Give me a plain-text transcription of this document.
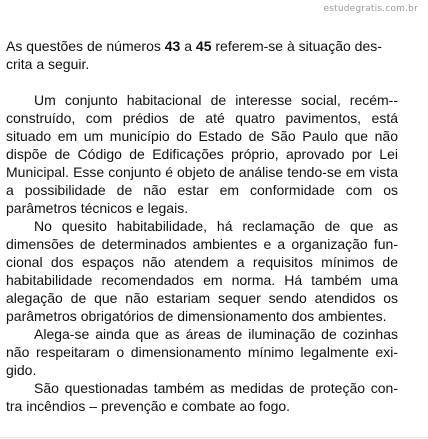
estudegratis.com.br
As questões de números 43 a 45 referem-se à situação des-crita a seguir.

Um conjunto habitacional de interesse social, recém--construído, com prédios de até quatro pavimentos, está situado em um município do Estado de São Paulo que não dispõe de Código de Edificações próprio, aprovado por Lei Municipal. Esse conjunto é objeto de análise tendo-se em vista a possibilidade de não estar em conformidade com os parâmetros técnicos e legais.

No quesito habitabilidade, há reclamação de que as dimensões de determinados ambientes e a organização fun-cional dos espaços não atendem a requisitos mínimos de habitabilidade recomendados em norma. Há também uma alegação de que não estariam sequer sendo atendidos os parâmetros obrigatórios de dimensionamento dos ambientes.

Alega-se ainda que as áreas de iluminação de cozinhas não respeitaram o dimensionamento mínimo legalmente exi-gido.

São questionadas também as medidas de proteção con-tra incêndios – prevenção e combate ao fogo.
